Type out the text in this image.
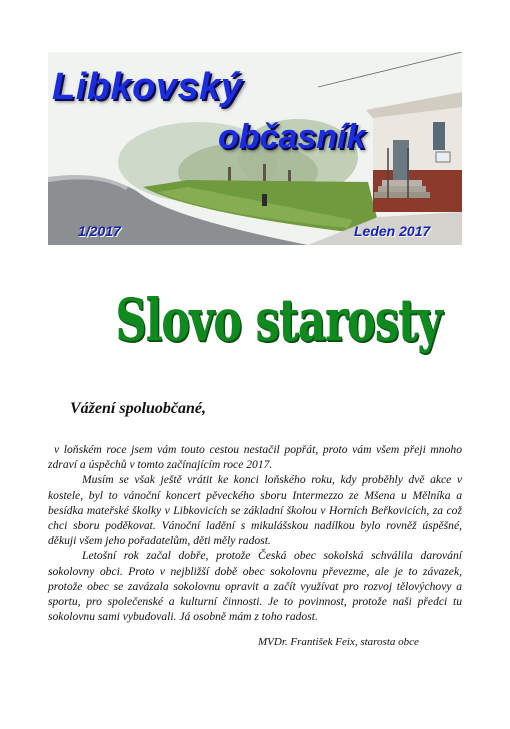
Libkovský
občasník
1/2017	Leden 2017
Slovo starosty
Vážení spoluobčané,

v loňském roce jsem vám touto cestou nestačil popřát, proto vám všem přeji mnoho zdraví a úspěchů v tomto začínajícím roce 2017.

Musím se však ještě vrátit ke konci loňského roku, kdy proběhly dvě akce v kostele, byl to vánoční koncert pěveckého sboru Intermezzo ze Mšena u Mělníka a besídka mateřské školky v Libkovicích se základní školou v Horních Beřkovicích, za což chci sboru poděkovat. Vánoční ladění s mikulášskou nadílkou bylo rovněž úspěšné, děkuji všem jeho pořadatelům, děti měly radost.

Letošní rok začal dobře, protože Česká obec sokolská schválila darování sokolovny obci. Proto v nejbližší době obec sokolovnu převezme, ale je to závazek, protože obec se zavázala sokolovnu opravit a začít využívat pro rozvoj tělovýchovy a sportu, pro společenské a kulturní činnosti. Je to povinnost, protože naši předci tu sokolovnu sami vybudovali. Já osobně mám z toho radost.

MVDr. František Feix, starosta obce
